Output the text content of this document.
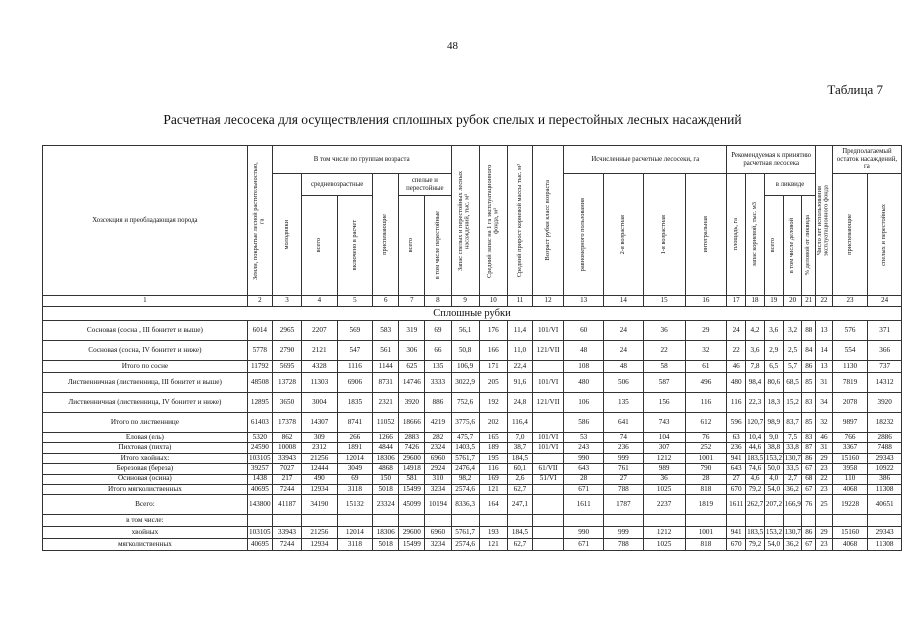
48
Таблица 7
Расчетная лесосека для осуществления сплошных рубок спелых и перестойных лесных насаждений
Хозсекция и преобладающая порода	Земли, покрытые лесной растительностью, га	В том числе по группам возраста						Запас спелых и перестойных лесных насаждений, тыс. м³	Средний запас на 1 га эксплуатационного фонда, м³	Средний прирост корневой массы тыс. м³	Возраст рубки класс возраста	Исчисленные расчетные лесосеки, га				Рекомендуемая к принятию расчетная лесосека					Число лет использования эксплуатационного фонда	Предполагаемый остаток насаждений, га	

		молодняки	средневозрастные		приспевающие	спелые и перестойные						равномерного пользования	2-я возрастная	1-я возрастная	интегральная	площадь, га	запас корневой, тыс. м3	в ликвиде				приспевающие	спелых и перестойных

			всего	включено в расчет		всего	в том числе перестойные											всего	в том числе деловой	% деловой от ликвида			

1	2	3	4	5	6	7	8	9	10	11	12	13	14	15	16	17	18	19	20	21	22	23	24
Сплошные рубки																							
Сосновая (сосна , III бонитет и выше)	6014	2965	2207	569	583	319	69	56,1	176	11,4	101/VI	60	24	36	29	24	4,2	3,6	3,2	88	13	576	371
Сосновая (сосна, IV бонитет и ниже)	5778	2790	2121	547	561	306	66	50,8	166	11,0	121/VII	48	24	22	32	22	3,6	2,9	2,5	84	14	554	366
Итого по сосне	11792	5695	4328	1116	1144	625	135	106,9	171	22,4		108	48	58	61	46	7,8	6,5	5,7	86	13	1130	737
Лиственничная (лиственница, III бонитет и выше)	48508	13728	11303	6906	8731	14746	3333	3022,9	205	91,6	101/VI	480	506	587	496	480	98,4	80,6	68,5	85	31	7819	14312
Лиственничная (лиственница, IV бонитет и ниже)	12895	3650	3004	1835	2321	3920	886	752,6	192	24,8	121/VII	106	135	156	116	116	22,3	18,3	15,2	83	34	2078	3920
Итого по лиственнице	61403	17378	14307	8741	11052	18666	4219	3775,6	202	116,4		586	641	743	612	596	120,7	98,9	83,7	85	32	9897	18232
Еловая (ель)	5320	862	309	266	1266	2883	282	475,7	165	7,0	101/VI	53	74	104	76	63	10,4	9,0	7,5	83	46	766	2886
Пихтовая (пихта)	24590	10008	2312	1891	4844	7426	2324	1403,5	189	38,7	101/VI	243	236	307	252	236	44,6	38,8	33,8	87	31	3367	7488
Итого хвойных:	103105	33943	21256	12014	18306	29600	6960	5761,7	195	184,5		990	999	1212	1001	941	183,5	153,2	130,7	86	29	15160	29343
Березовая (береза)	39257	7027	12444	3049	4868	14918	2924	2476,4	116	60,1	61/VII	643	761	989	790	643	74,6	50,0	33,5	67	23	3958	10922
Осиновая (осина)	1438	217	490	69	150	581	310	98,2	169	2,6	51/VI	28	27	36	28	27	4,6	4,0	2,7	68	22	110	386
Итого мягколиственных	40695	7244	12934	3118	5018	15499	3234	2574,6	121	62,7		671	788	1025	818	670	79,2	54,0	36,2	67	23	4068	11308
Всего:	143800	41187	34190	15132	23324	45099	10194	8336,3	164	247,1		1611	1787	2237	1819	1611	262,7	207,2	166,9	76	25	19228	40651
в том числе:																							
хвойных	103105	33943	21256	12014	18306	29600	6960	5761,7	193	184,5		990	999	1212	1001	941	183,5	153,2	130,7	86	29	15160	29343
мягколиственных	40695	7244	12934	3118	5018	15499	3234	2574,6	121	62,7		671	788	1025	818	670	79,2	54,0	36,2	67	23	4068	11308
